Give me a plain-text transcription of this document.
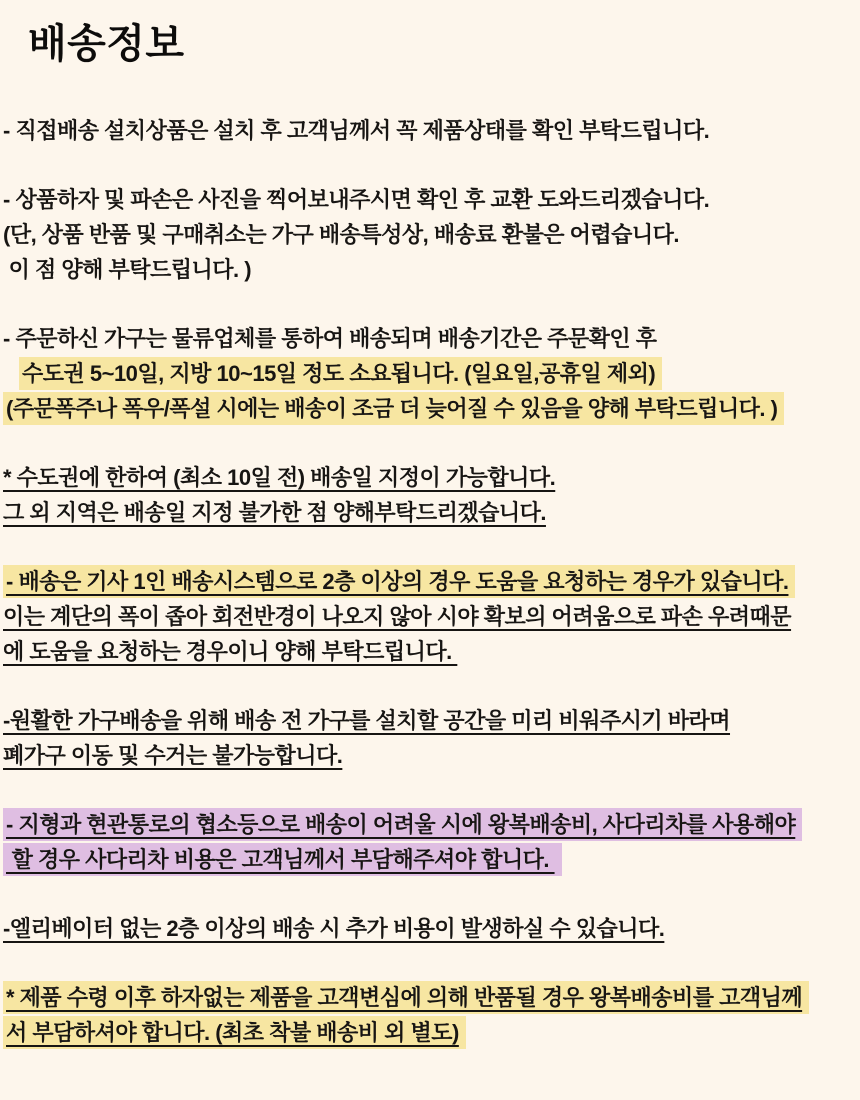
배송정보
- 직접배송 설치상품은 설치 후 고객님께서 꼭 제품상태를 확인 부탁드립니다.
- 상품하자 및 파손은 사진을 찍어보내주시면 확인 후 교환 도와드리겠습니다.
(단, 상품 반품 및 구매취소는 가구 배송특성상, 배송료 환불은 어렵습니다.
이 점 양해 부탁드립니다. )
- 주문하신 가구는 물류업체를 통하여 배송되며 배송기간은 주문확인 후
수도권 5~10일, 지방 10~15일 정도 소요됩니다. (일요일,공휴일 제외)
(주문폭주나 폭우/폭설 시에는 배송이 조금 더 늦어질 수 있음을 양해 부탁드립니다. )
* 수도권에 한하여 (최소 10일 전) 배송일 지정이 가능합니다.
그 외 지역은 배송일 지정 불가한 점 양해부탁드리겠습니다.
- 배송은 기사 1인 배송시스템으로 2층 이상의 경우 도움을 요청하는 경우가 있습니다.
이는 계단의 폭이 좁아 회전반경이 나오지 않아 시야 확보의 어려움으로 파손 우려때문
에 도움을 요청하는 경우이니 양해 부탁드립니다.
-원활한 가구배송을 위해 배송 전 가구를 설치할 공간을 미리 비워주시기 바라며
폐가구 이동 및 수거는 불가능합니다.
- 지형과 현관통로의 협소등으로 배송이 어려울 시에 왕복배송비, 사다리차를 사용해야
할 경우 사다리차 비용은 고객님께서 부담해주셔야 합니다.
-엘리베이터 없는 2층 이상의 배송 시 추가 비용이 발생하실 수 있습니다.
* 제품 수령 이후 하자없는 제품을 고객변심에 의해 반품될 경우 왕복배송비를 고객님께
서 부담하셔야 합니다. (최초 착불 배송비 외 별도)
